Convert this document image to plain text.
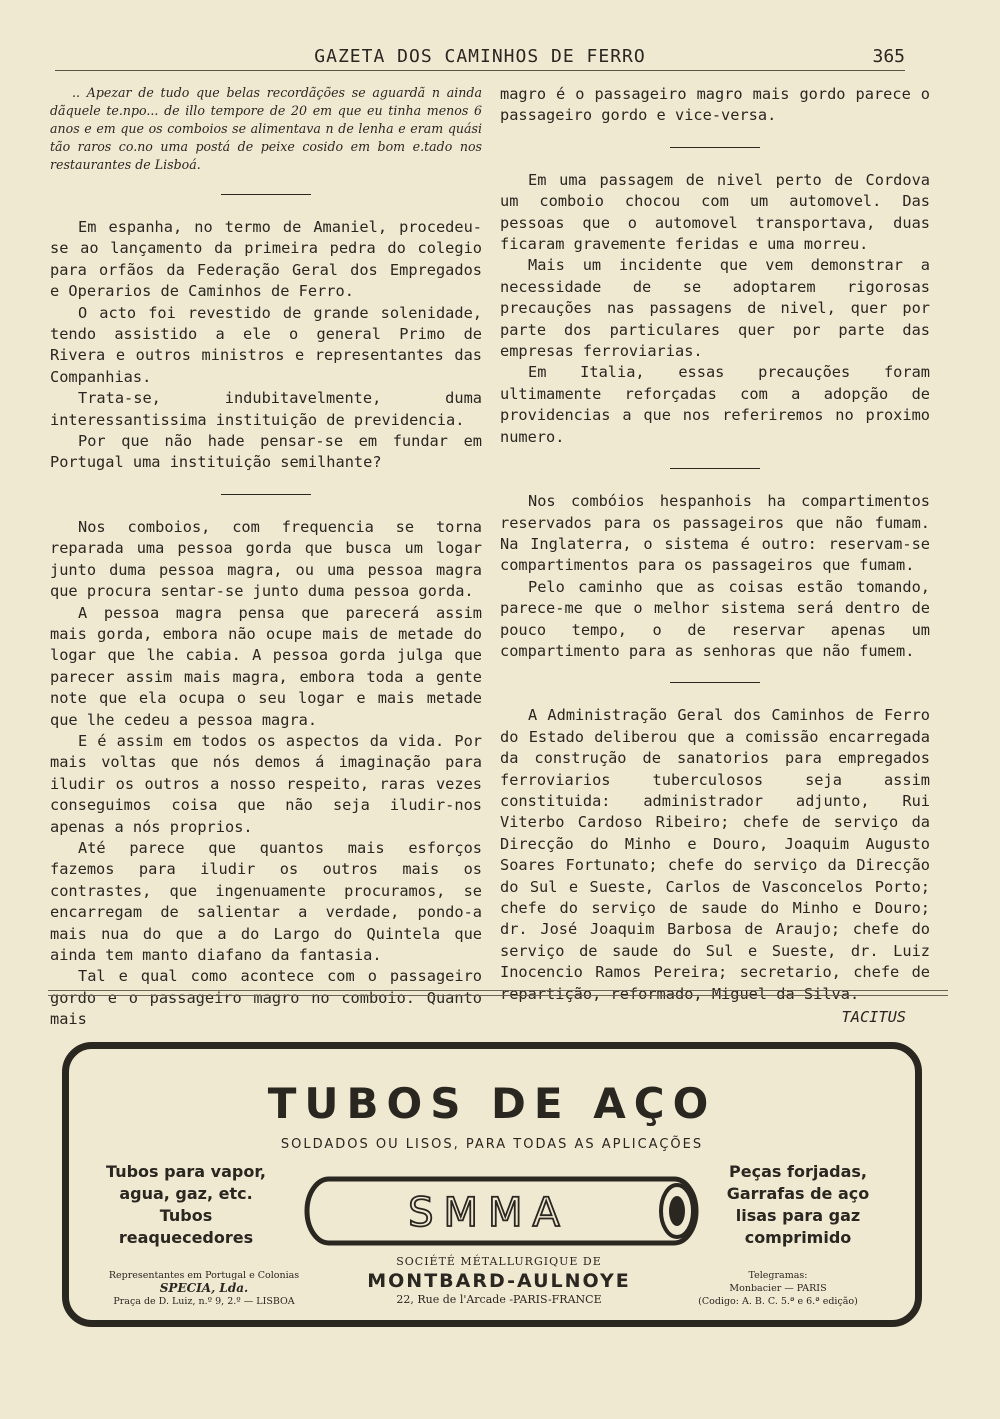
GAZETA DOS CAMINHOS DE FERRO	365

.. Apezar de tudo que belas recordãções se aguardã n ainda dãquele te.npo... de illo tempore de 20 em que eu tinha menos 6 anos e em que os comboios se alimentava n de lenha e eram quási tão raros co.no uma postá de peixe cosido em bom e.tado nos restaurantes de Lisboá.

Em espanha, no termo de Amaniel, procedeu-se ao lançamento da primeira pedra do colegio para orfãos da Federação Geral dos Empregados e Operarios de Caminhos de Ferro.

O acto foi revestido de grande solenidade, tendo assistido a ele o general Primo de Rivera e outros ministros e representantes das Companhias.

Trata-se, indubitavelmente, duma interessantissima instituição de previdencia.

Por que não hade pensar-se em fundar em Portugal uma instituição semilhante?

Nos comboios, com frequencia se torna reparada uma pessoa gorda que busca um logar junto duma pessoa magra, ou uma pessoa magra que procura sentar-se junto duma pessoa gorda.

A pessoa magra pensa que parecerá assim mais gorda, embora não ocupe mais de metade do logar que lhe cabia. A pessoa gorda julga que parecer assim mais magra, embora toda a gente note que ela ocupa o seu logar e mais metade que lhe cedeu a pessoa magra.

E é assim em todos os aspectos da vida. Por mais voltas que nós demos á imaginação para iludir os outros a nosso respeito, raras vezes conseguimos coisa que não seja iludir-nos apenas a nós proprios.

Até parece que quantos mais esforços fazemos para iludir os outros mais os contrastes, que ingenuamente procuramos, se encarregam de salientar a verdade, pondo-a mais nua do que a do Largo do Quintela que ainda tem manto diafano da fantasia.

Tal e qual como acontece com o passageiro gordo e o passageiro magro no comboio. Quanto mais

magro é o passageiro magro mais gordo parece o passageiro gordo e vice-versa.

Em uma passagem de nivel perto de Cordova um comboio chocou com um automovel. Das pessoas que o automovel transportava, duas ficaram gravemente feridas e uma morreu.

Mais um incidente que vem demonstrar a necessidade de se adoptarem rigorosas precauções nas passagens de nivel, quer por parte dos particulares quer por parte das empresas ferroviarias.

Em Italia, essas precauções foram ultimamente reforçadas com a adopção de providencias a que nos referiremos no proximo numero.

Nos combóios hespanhois ha compartimentos reservados para os passageiros que não fumam. Na Inglaterra, o sistema é outro: reservam-se compartimentos para os passageiros que fumam.

Pelo caminho que as coisas estão tomando, parece-me que o melhor sistema será dentro de pouco tempo, o de reservar apenas um compartimento para as senhoras que não fumem.

A Administração Geral dos Caminhos de Ferro do Estado deliberou que a comissão encarregada da construção de sanatorios para empregados ferroviarios tuberculosos seja assim constituida: administrador adjunto, Rui Viterbo Cardoso Ribeiro; chefe de serviço da Direcção do Minho e Douro, Joaquim Augusto Soares Fortunato; chefe do serviço da Direcção do Sul e Sueste, Carlos de Vasconcelos Porto; chefe do serviço de saude do Minho e Douro; dr. José Joaquim Barbosa de Araujo; chefe do serviço de saude do Sul e Sueste, dr. Luiz Inocencio Ramos Pereira; secretario, chefe de repartição, reformado, Miguel da Silva.

TACITUS
TUBOS DE AÇO
SOLDADOS OU LISOS, PARA TODAS AS APLICAÇÕES
Tubos para vapor,
agua, gaz, etc.
Tubos
reaquecedores
SMMA
Peças forjadas,
Garrafas de aço
lisas para gaz
comprimido
Representantes em Portugal e Colonias
SPECIA, Lda.
Praça de D. Luiz, n.º 9, 2.º — LISBOA
SOCIÉTÉ MÉTALLURGIQUE DE
MONTBARD-AULNOYE
22, Rue de l'Arcade -PARIS-FRANCE
Telegramas:
Monbacier — PARIS
(Codigo: A. B. C. 5.ª e 6.ª edição)
